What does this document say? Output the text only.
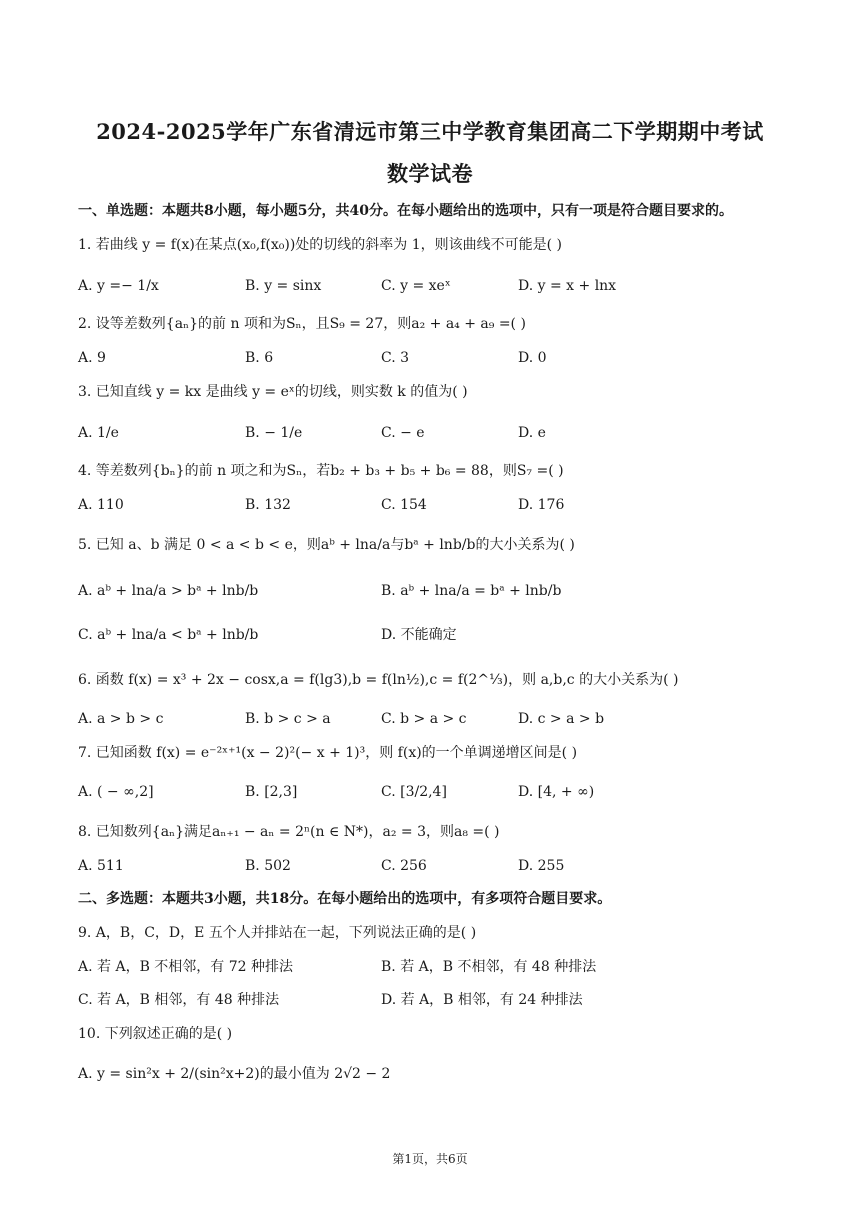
2024-2025学年广东省清远市第三中学教育集团高二下学期期中考试
数学试卷
一、单选题：本题共8小题，每小题5分，共40分。在每小题给出的选项中，只有一项是符合题目要求的。
1. 若曲线 y = f(x)在某点(x₀,f(x₀))处的切线的斜率为 1，则该曲线不可能是( )
A. y =− 1/x	B. y = sinx	C. y = xeˣ	D. y = x + lnx
2. 设等差数列{aₙ}的前 n 项和为Sₙ，且S₉ = 27，则a₂ + a₄ + a₉ =( )
A. 9	B. 6	C. 3	D. 0
3. 已知直线 y = kx 是曲线 y = eˣ的切线，则实数 k 的值为( )
A. 1/e	B. − 1/e	C. − e	D. e
4. 等差数列{bₙ}的前 n 项之和为Sₙ，若b₂ + b₃ + b₅ + b₆ = 88，则S₇ =( )
A. 110	B. 132	C. 154	D. 176
5. 已知 a、b 满足 0 < a < b < e，则aᵇ + lna/a与bᵃ + lnb/b的大小关系为( )
A. aᵇ + lna/a > bᵃ + lnb/b	B. aᵇ + lna/a = bᵃ + lnb/b
C. aᵇ + lna/a < bᵃ + lnb/b	D. 不能确定
6. 函数 f(x) = x³ + 2x − cosx,a = f(lg3),b = f(ln½),c = f(2^⅓)，则 a,b,c 的大小关系为( )
A. a > b > c	B. b > c > a	C. b > a > c	D. c > a > b
7. 已知函数 f(x) = e⁻²ˣ⁺¹(x − 2)²(− x + 1)³，则 f(x)的一个单调递增区间是( )
A. ( − ∞,2]	B. [2,3]	C. [3/2,4]	D. [4, + ∞)
8. 已知数列{aₙ}满足aₙ₊₁ − aₙ = 2ⁿ(n ∈ N*)，a₂ = 3，则a₈ =( )
A. 511	B. 502	C. 256	D. 255
二、多选题：本题共3小题，共18分。在每小题给出的选项中，有多项符合题目要求。
9. A，B，C，D，E 五个人并排站在一起，下列说法正确的是( )
A. 若 A，B 不相邻，有 72 种排法	B. 若 A，B 不相邻，有 48 种排法
C. 若 A，B 相邻，有 48 种排法	D. 若 A，B 相邻，有 24 种排法
10. 下列叙述正确的是( )
A. y = sin²x + 2/(sin²x+2)的最小值为 2√2 − 2
第1页，共6页
